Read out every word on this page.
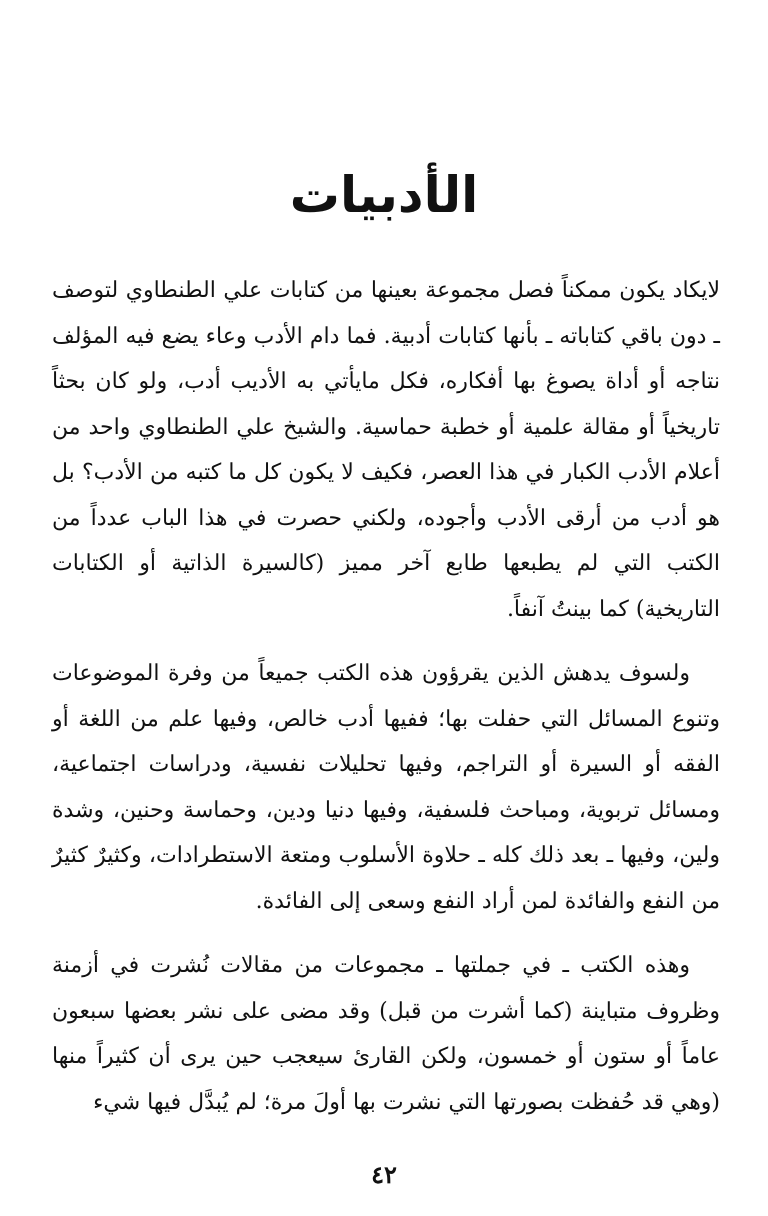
الأدبيات

لايكاد يكون ممكناً فصل مجموعة بعينها من كتابات علي الطنطاوي لتوصف ـ دون باقي كتاباته ـ بأنها كتابات أدبية. فما دام الأدب وعاء يضع فيه المؤلف نتاجه أو أداة يصوغ بها أفكاره، فكل مايأتي به الأديب أدب، ولو كان بحثاً تاريخياً أو مقالة علمية أو خطبة حماسية. والشيخ علي الطنطاوي واحد من أعلام الأدب الكبار في هذا العصر، فكيف لا يكون كل ما كتبه من الأدب؟ بل هو أدب من أرقى الأدب وأجوده، ولكني حصرت في هذا الباب عدداً من الكتب التي لم يطبعها طابع آخر مميز (كالسيرة الذاتية أو الكتابات التاريخية) كما بينتُ آنفاً.

ولسوف يدهش الذين يقرؤون هذه الكتب جميعاً من وفرة الموضوعات وتنوع المسائل التي حفلت بها؛ ففيها أدب خالص، وفيها علم من اللغة أو الفقه أو السيرة أو التراجم، وفيها تحليلات نفسية، ودراسات اجتماعية، ومسائل تربوية، ومباحث فلسفية، وفيها دنيا ودين، وحماسة وحنين، وشدة ولين، وفيها ـ بعد ذلك كله ـ حلاوة الأسلوب ومتعة الاستطرادات، وكثيرٌ كثيرٌ من النفع والفائدة لمن أراد النفع وسعى إلى الفائدة.

وهذه الكتب ـ في جملتها ـ مجموعات من مقالات نُشرت في أزمنة وظروف متباينة (كما أشرت من قبل) وقد مضى على نشر بعضها سبعون عاماً أو ستون أو خمسون، ولكن القارئ سيعجب حين يرى أن كثيراً منها (وهي قد حُفظت بصورتها التي نشرت بها أولَ مرة؛ لم يُبدَّل فيها شيء

٤٢
